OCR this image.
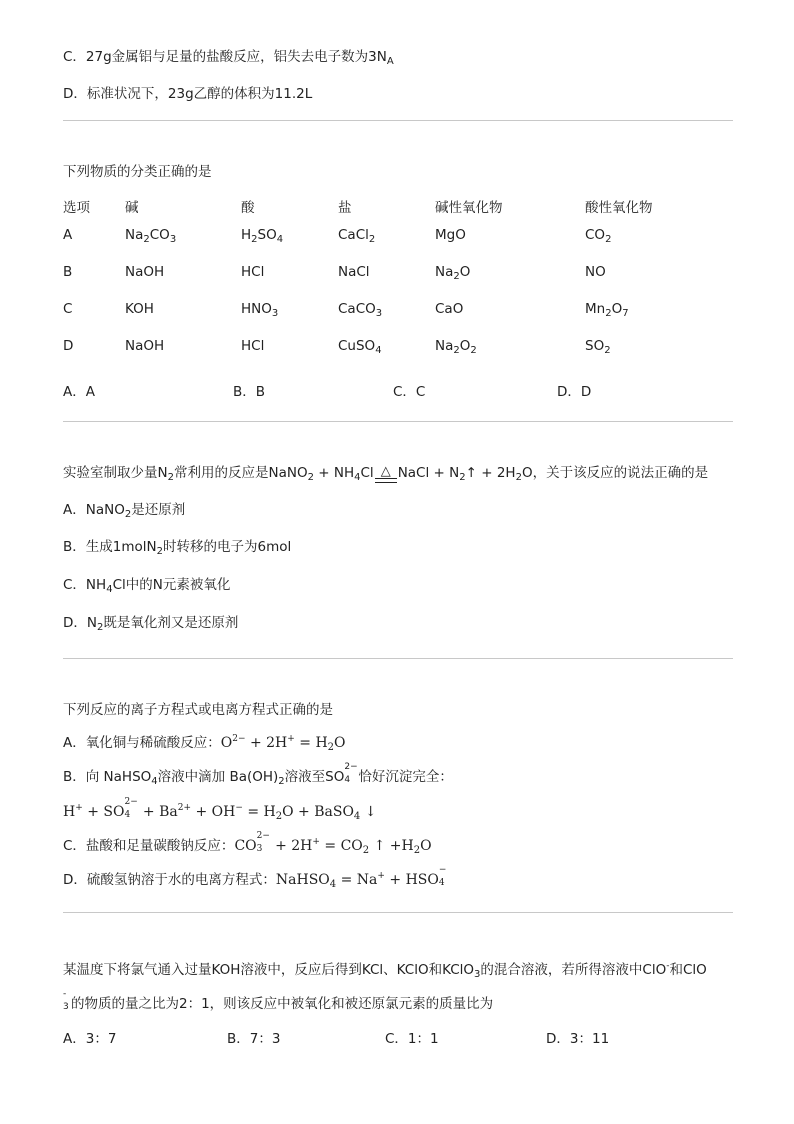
C．27g金属铝与足量的盐酸反应，铝失去电子数为$3N_A$
D．标准状况下，23g乙醇的体积为11.2L
下列物质的分类正确的是
选项	碱	酸	盐	碱性氧化物	酸性氧化物
A	$Na_2CO_3$	$H_2SO_4$	CaCl$_2$	MgO	$CO_2$
B	NaOH	HCl	NaCl	$Na_2O$	NO
C	KOH	$HNO_3$	CaCO$_3$	CaO	$Mn_2O_7$
D	NaOH	HCl	CuSO$_4$	$Na_2O_2$	$SO_2$
A．A	B．B	C．C	D．D
实验室制取少量$N_2$常利用的反应是NaNO$_2$ + $NH_4Cl$ △ NaCl + $N_2↑ + 2H_2O$，关于该反应的说法正确的是
A．NaNO$_2$是还原剂
B．生成1molN$_2$时转移的电子为6mol
C．$NH_4Cl$中的N元素被氧化
D．$N_2$既是氧化剂又是还原剂
下列反应的离子方程式或电离方程式正确的是
A．氧化铜与稀硫酸反应：$O^{2-} + 2H^+ = H_2O$
B．向 NaHSO$_4$溶液中滴加 $Ba(OH)_2$溶液至SO
2−
4 恰好沉淀完全：
H+ + SO
2−
$4 + Ba^{2+} + OH^- = H_2O$ + BaSO$_4$ ↓
C．盐酸和足量碳酸钠反应：CO
2−
$3 + 2H^+ = CO_2$ ↑ $+H_2O$
D．硫酸氢钠溶于水的电离方程式：NaHSO$_4$ = Na+ + HSO
−
4
某温度下将氯气通入过量KOH溶液中，反应后得到KCl、KClO和KClO$_3$的混合溶液，若所得溶液中ClO-和ClO
-
3 的物质的量之比为2：1，则该反应中被氧化和被还原氯元素的质量比为
A．3：7	B．7：3	C．1：1	D．3：11
